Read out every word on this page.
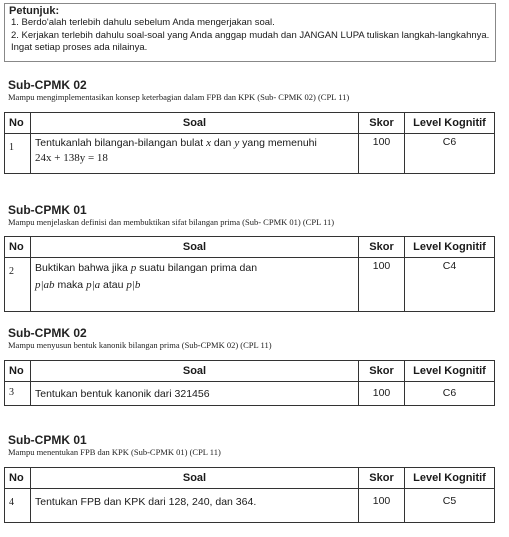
Petunjuk:
1. Berdo'alah terlebih dahulu sebelum Anda mengerjakan soal.
2. Kerjakan terlebih dahulu soal-soal yang Anda anggap mudah dan JANGAN LUPA tuliskan langkah-langkahnya. Ingat setiap proses ada nilainya.
Sub-CPMK 02
Mampu mengimplementasikan konsep keterbagian dalam FPB dan KPK (Sub- CPMK 02) (CPL 11)
No	Soal	Skor	Level Kognitif
1	Tentukanlah bilangan-bilangan bulat x dan y yang memenuhi
24x + 138y = 18	100	C6
Sub-CPMK 01
Mampu menjelaskan definisi dan membuktikan sifat bilangan prima (Sub- CPMK 01) (CPL 11)
No	Soal	Skor	Level Kognitif
2	Buktikan bahwa jika p suatu bilangan prima dan
p|ab maka p|a atau p|b	100	C4
Sub-CPMK 02
Mampu menyusun bentuk kanonik bilangan prima (Sub-CPMK 02) (CPL 11)
No	Soal	Skor	Level Kognitif
3	Tentukan bentuk kanonik dari 321456	100	C6
Sub-CPMK 01
Mampu menentukan FPB dan KPK (Sub-CPMK 01) (CPL 11)
No	Soal	Skor	Level Kognitif
4	Tentukan FPB dan KPK dari 128, 240, dan 364.	100	C5
